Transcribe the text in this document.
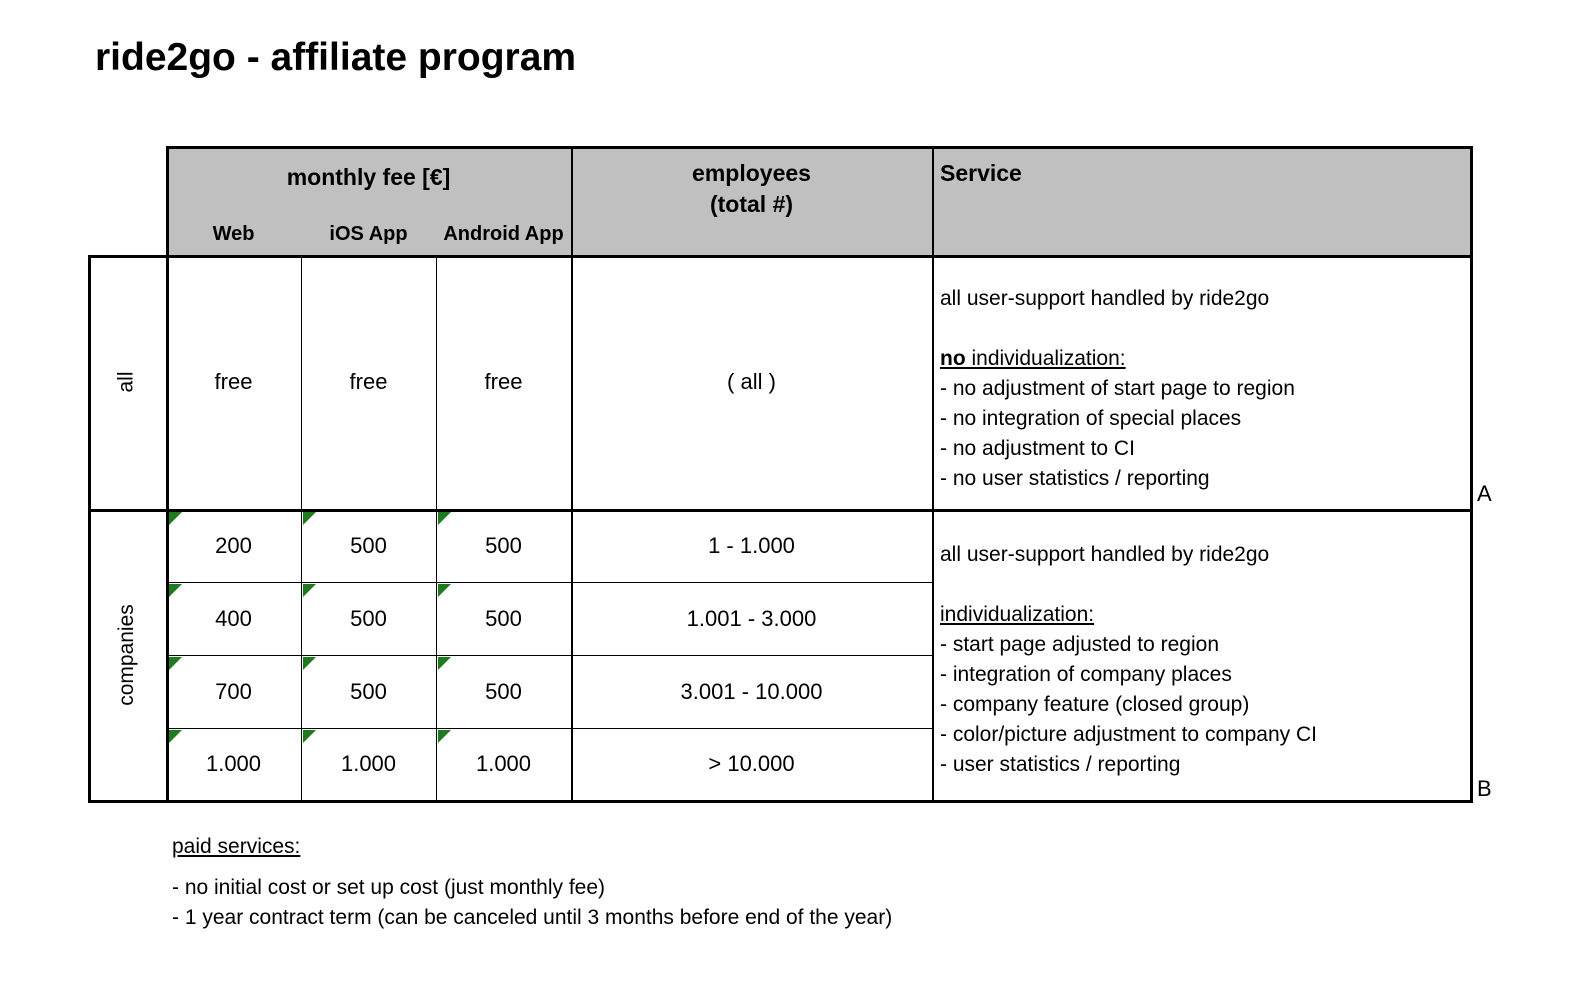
ride2go - affiliate program
monthly fee [€]
Web	iOS App	Android App
employees
(total #)
Service
all
companies
free	free	free	( all )
all user-support handled by ride2go
no individualization:
- no adjustment of start page to region
- no integration of special places
- no adjustment to CI
- no user statistics / reporting
200	500	500	1 - 1.000
400	500	500	1.001 - 3.000
700	500	500	3.001 - 10.000
1.000	1.000	1.000	> 10.000
all user-support handled by ride2go
individualization:
- start page adjusted to region
- integration of company places
- company feature (closed group)
- color/picture adjustment to company CI
- user statistics / reporting
A
B
paid services:
- no initial cost or set up cost (just monthly fee)
- 1 year contract term (can be canceled until 3 months before end of the year)
